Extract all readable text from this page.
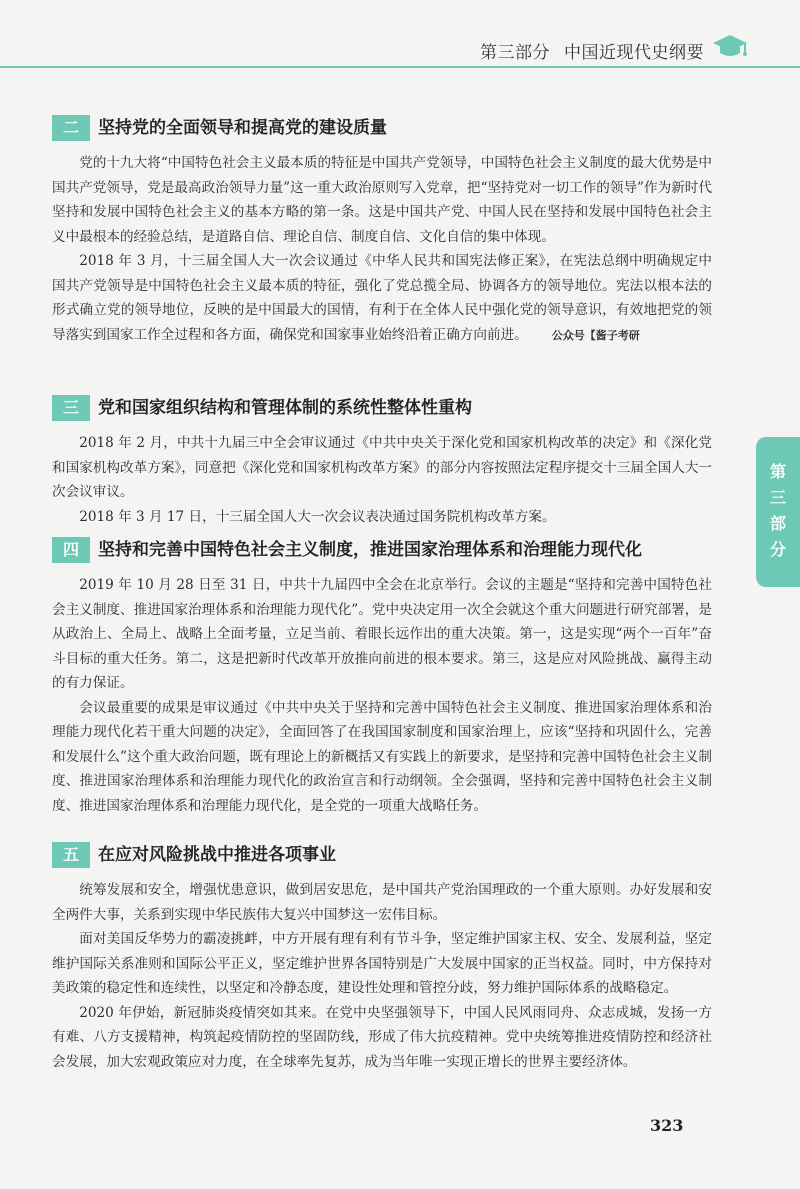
第三部分 中国近现代史纲要
二	坚持党的全面领导和提高党的建设质量

党的十九大将“中国特色社会主义最本质的特征是中国共产党领导，中国特色社会主义制度的最大优势是中国共产党领导，党是最高政治领导力量”这一重大政治原则写入党章，把“坚持党对一切工作的领导”作为新时代坚持和发展中国特色社会主义的基本方略的第一条。这是中国共产党、中国人民在坚持和发展中国特色社会主义中最根本的经验总结，是道路自信、理论自信、制度自信、文化自信的集中体现。

2018 年 3 月，十三届全国人大一次会议通过《中华人民共和国宪法修正案》，在宪法总纲中明确规定中国共产党领导是中国特色社会主义最本质的特征，强化了党总揽全局、协调各方的领导地位。宪法以根本法的形式确立党的领导地位，反映的是中国最大的国情，有利于在全体人民中强化党的领导意识，有效地把党的领导落实到国家工作全过程和各方面，确保党和国家事业始终沿着正确方向前进。 公众号【酱子考研

三	党和国家组织结构和管理体制的系统性整体性重构

2018 年 2 月，中共十九届三中全会审议通过《中共中央关于深化党和国家机构改革的决定》和《深化党和国家机构改革方案》，同意把《深化党和国家机构改革方案》的部分内容按照法定程序提交十三届全国人大一次会议审议。

2018 年 3 月 17 日，十三届全国人大一次会议表决通过国务院机构改革方案。

四	坚持和完善中国特色社会主义制度，推进国家治理体系和治理能力现代化

2019 年 10 月 28 日至 31 日，中共十九届四中全会在北京举行。会议的主题是“坚持和完善中国特色社会主义制度、推进国家治理体系和治理能力现代化”。党中央决定用一次全会就这个重大问题进行研究部署，是从政治上、全局上、战略上全面考量，立足当前、着眼长远作出的重大决策。第一，这是实现“两个一百年”奋斗目标的重大任务。第二，这是把新时代改革开放推向前进的根本要求。第三，这是应对风险挑战、赢得主动的有力保证。

会议最重要的成果是审议通过《中共中央关于坚持和完善中国特色社会主义制度、推进国家治理体系和治理能力现代化若干重大问题的决定》，全面回答了在我国国家制度和国家治理上，应该“坚持和巩固什么，完善和发展什么”这个重大政治问题，既有理论上的新概括又有实践上的新要求，是坚持和完善中国特色社会主义制度、推进国家治理体系和治理能力现代化的政治宣言和行动纲领。全会强调，坚持和完善中国特色社会主义制度、推进国家治理体系和治理能力现代化，是全党的一项重大战略任务。

五	在应对风险挑战中推进各项事业

统筹发展和安全，增强忧患意识，做到居安思危，是中国共产党治国理政的一个重大原则。办好发展和安全两件大事，关系到实现中华民族伟大复兴中国梦这一宏伟目标。

面对美国反华势力的霸凌挑衅，中方开展有理有利有节斗争，坚定维护国家主权、安全、发展利益，坚定维护国际关系准则和国际公平正义，坚定维护世界各国特别是广大发展中国家的正当权益。同时，中方保持对美政策的稳定性和连续性，以坚定和冷静态度，建设性处理和管控分歧，努力维护国际体系的战略稳定。

2020 年伊始，新冠肺炎疫情突如其来。在党中央坚强领导下，中国人民风雨同舟、众志成城，发扬一方有难、八方支援精神，构筑起疫情防控的坚固防线，形成了伟大抗疫精神。党中央统筹推进疫情防控和经济社会发展，加大宏观政策应对力度，在全球率先复苏，成为当年唯一实现正增长的世界主要经济体。

第三部分
323
